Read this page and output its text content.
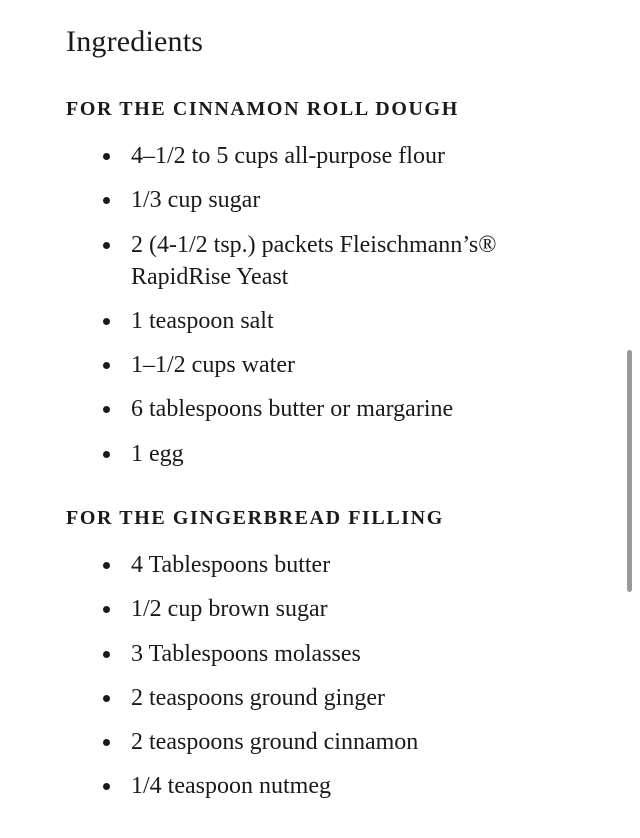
Ingredients
FOR THE CINNAMON ROLL DOUGH
4–1/2 to 5 cups all-purpose flour
1/3 cup sugar
2 (4-1/2 tsp.) packets Fleischmann’s® RapidRise Yeast
1 teaspoon salt
1–1/2 cups water
6 tablespoons butter or margarine
1 egg
FOR THE GINGERBREAD FILLING
4 Tablespoons butter
1/2 cup brown sugar
3 Tablespoons molasses
2 teaspoons ground ginger
2 teaspoons ground cinnamon
1/4 teaspoon nutmeg
